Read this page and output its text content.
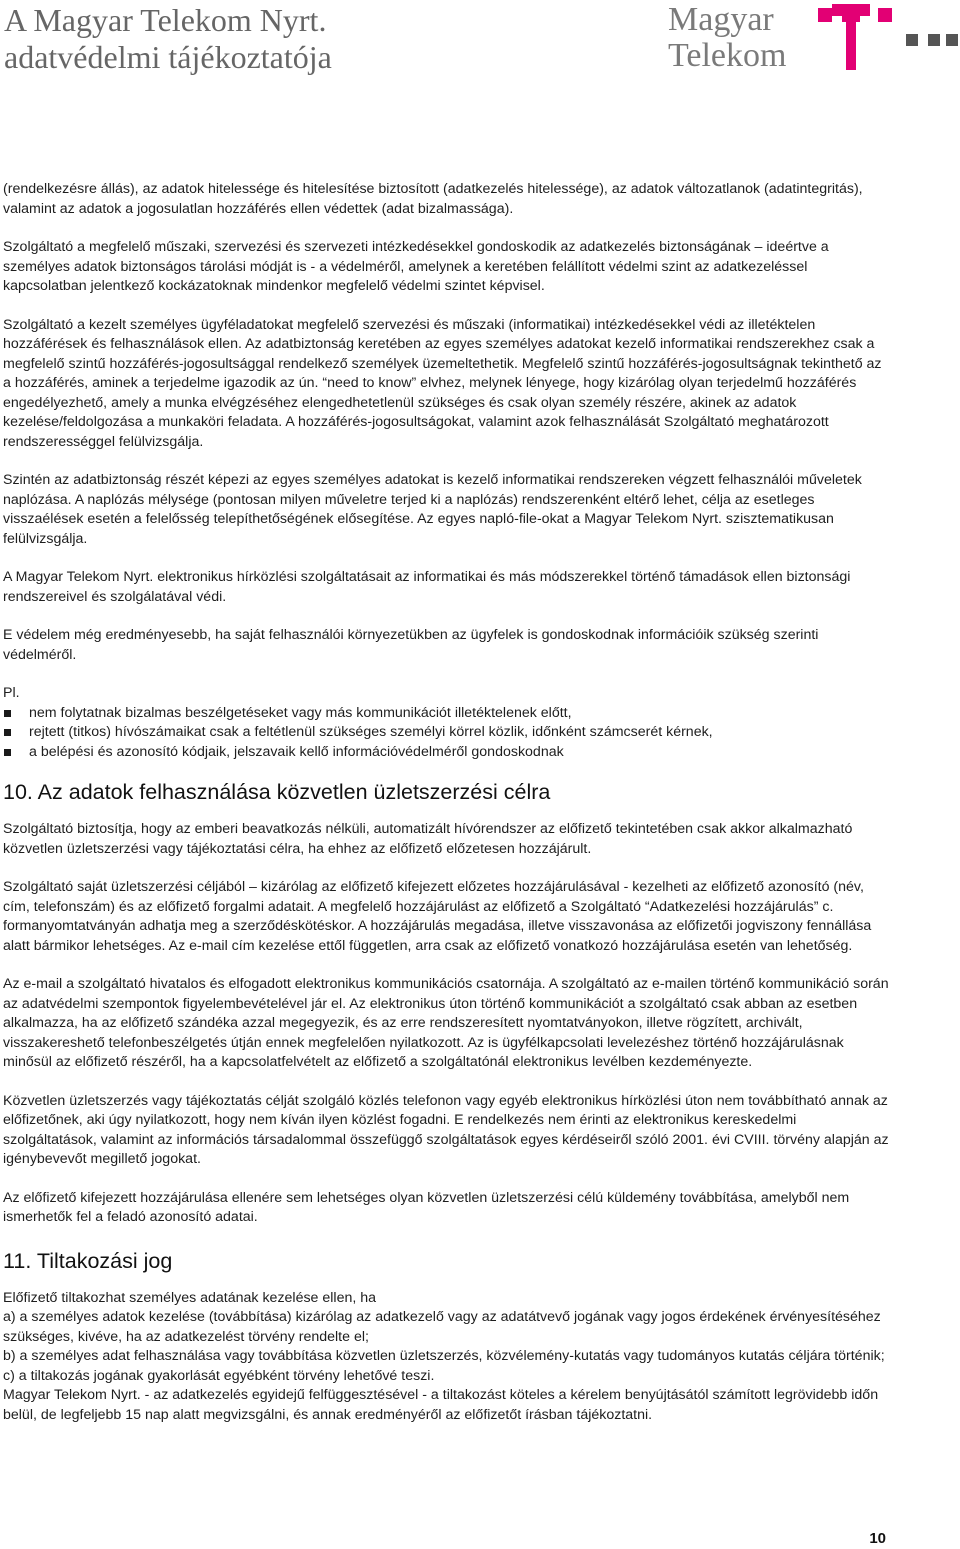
A Magyar Telekom Nyrt.
adatvédelmi tájékoztatója
Magyar
Telekom

(rendelkezésre állás), az adatok hitelessége és hitelesítése biztosított (adatkezelés hitelessége), az adatok változatlanok (adatintegritás), valamint az adatok a jogosulatlan hozzáférés ellen védettek (adat bizalmassága).

Szolgáltató a megfelelő műszaki, szervezési és szervezeti intézkedésekkel gondoskodik az adatkezelés biztonságának – ideértve a személyes adatok biztonságos tárolási módját is - a védelméről, amelynek a keretében felállított védelmi szint az adatkezeléssel kapcsolatban jelentkező kockázatoknak mindenkor megfelelő védelmi szintet képvisel.

Szolgáltató a kezelt személyes ügyféladatokat megfelelő szervezési és műszaki (informatikai) intézkedésekkel védi az illetéktelen hozzáférések és felhasználások ellen. Az adatbiztonság keretében az egyes személyes adatokat kezelő informatikai rendszerekhez csak a megfelelő szintű hozzáférés-jogosultsággal rendelkező személyek üzemeltethetik. Megfelelő szintű hozzáférés-jogosultságnak tekinthető az a hozzáférés, aminek a terjedelme igazodik az ún. “need to know” elvhez, melynek lényege, hogy kizárólag olyan terjedelmű hozzáférés engedélyezhető, amely a munka elvégzéséhez elengedhetetlenül szükséges és csak olyan személy részére, akinek az adatok kezelése/feldolgozása a munkaköri feladata. A hozzáférés-jogosultságokat, valamint azok felhasználását Szolgáltató meghatározott rendszerességgel felülvizsgálja.

Szintén az adatbiztonság részét képezi az egyes személyes adatokat is kezelő informatikai rendszereken végzett felhasználói műveletek naplózása. A naplózás mélysége (pontosan milyen műveletre terjed ki a naplózás) rendszerenként eltérő lehet, célja az esetleges visszaélések esetén a felelősség telepíthetőségének elősegítése. Az egyes napló-file-okat a Magyar Telekom Nyrt. szisztematikusan felülvizsgálja.

A Magyar Telekom Nyrt. elektronikus hírközlési szolgáltatásait az informatikai és más módszerekkel történő támadások ellen biztonsági rendszereivel és szolgálatával védi.

E védelem még eredményesebb, ha saját felhasználói környezetükben az ügyfelek is gondoskodnak információik szükség szerinti védelméről.

Pl.

nem folytatnak bizalmas beszélgetéseket vagy más kommunikációt illetéktelenek előtt,
rejtett (titkos) hívószámaikat csak a feltétlenül szükséges személyi körrel közlik, időnként számcserét kérnek,
a belépési és azonosító kódjaik, jelszavaik kellő információvédelméről gondoskodnak
10. Az adatok felhasználása közvetlen üzletszerzési célra

Szolgáltató biztosítja, hogy az emberi beavatkozás nélküli, automatizált hívórendszer az előfizető tekintetében csak akkor alkalmazható közvetlen üzletszerzési vagy tájékoztatási célra, ha ehhez az előfizető előzetesen hozzájárult.

Szolgáltató saját üzletszerzési céljából – kizárólag az előfizető kifejezett előzetes hozzájárulásával - kezelheti az előfizető azonosító (név, cím, telefonszám) és az előfizető forgalmi adatait. A megfelelő hozzájárulást az előfizető a Szolgáltató “Adatkezelési hozzájárulás” c. formanyomtatványán adhatja meg a szerződéskötéskor. A hozzájárulás megadása, illetve visszavonása az előfizetői jogviszony fennállása alatt bármikor lehetséges. Az e-mail cím kezelése ettől független, arra csak az előfizető vonatkozó hozzájárulása esetén van lehetőség.

Az e-mail a szolgáltató hivatalos és elfogadott elektronikus kommunikációs csatornája. A szolgáltató az e-mailen történő kommunikáció során az adatvédelmi szempontok figyelembevételével jár el. Az elektronikus úton történő kommunikációt a szolgáltató csak abban az esetben alkalmazza, ha az előfizető szándéka azzal megegyezik, és az erre rendszeresített nyomtatványokon, illetve rögzített, archivált, visszakereshető telefonbeszélgetés útján ennek megfelelően nyilatkozott. Az is ügyfélkapcsolati levelezéshez történő hozzájárulásnak minősül az előfizető részéről, ha a kapcsolatfelvételt az előfizető a szolgáltatónál elektronikus levélben kezdeményezte.

Közvetlen üzletszerzés vagy tájékoztatás célját szolgáló közlés telefonon vagy egyéb elektronikus hírközlési úton nem továbbítható annak az előfizetőnek, aki úgy nyilatkozott, hogy nem kíván ilyen közlést fogadni. E rendelkezés nem érinti az elektronikus kereskedelmi szolgáltatások, valamint az információs társadalommal összefüggő szolgáltatások egyes kérdéseiről szóló 2001. évi CVIII. törvény alapján az igénybevevőt megillető jogokat.

Az előfizető kifejezett hozzájárulása ellenére sem lehetséges olyan közvetlen üzletszerzési célú küldemény továbbítása, amelyből nem ismerhetők fel a feladó azonosító adatai.

11. Tiltakozási jog
Előfizető tiltakozhat személyes adatának kezelése ellen, ha
a) a személyes adatok kezelése (továbbítása) kizárólag az adatkezelő vagy az adatátvevő jogának vagy jogos érdekének érvényesítéséhez szükséges, kivéve, ha az adatkezelést törvény rendelte el;
b) a személyes adat felhasználása vagy továbbítása közvetlen üzletszerzés, közvélemény-kutatás vagy tudományos kutatás céljára történik;
c) a tiltakozás jogának gyakorlását egyébként törvény lehetővé teszi.
Magyar Telekom Nyrt. - az adatkezelés egyidejű felfüggesztésével - a tiltakozást köteles a kérelem benyújtásától számított legrövidebb időn belül, de legfeljebb 15 nap alatt megvizsgálni, és annak eredményéről az előfizetőt írásban tájékoztatni.
10
